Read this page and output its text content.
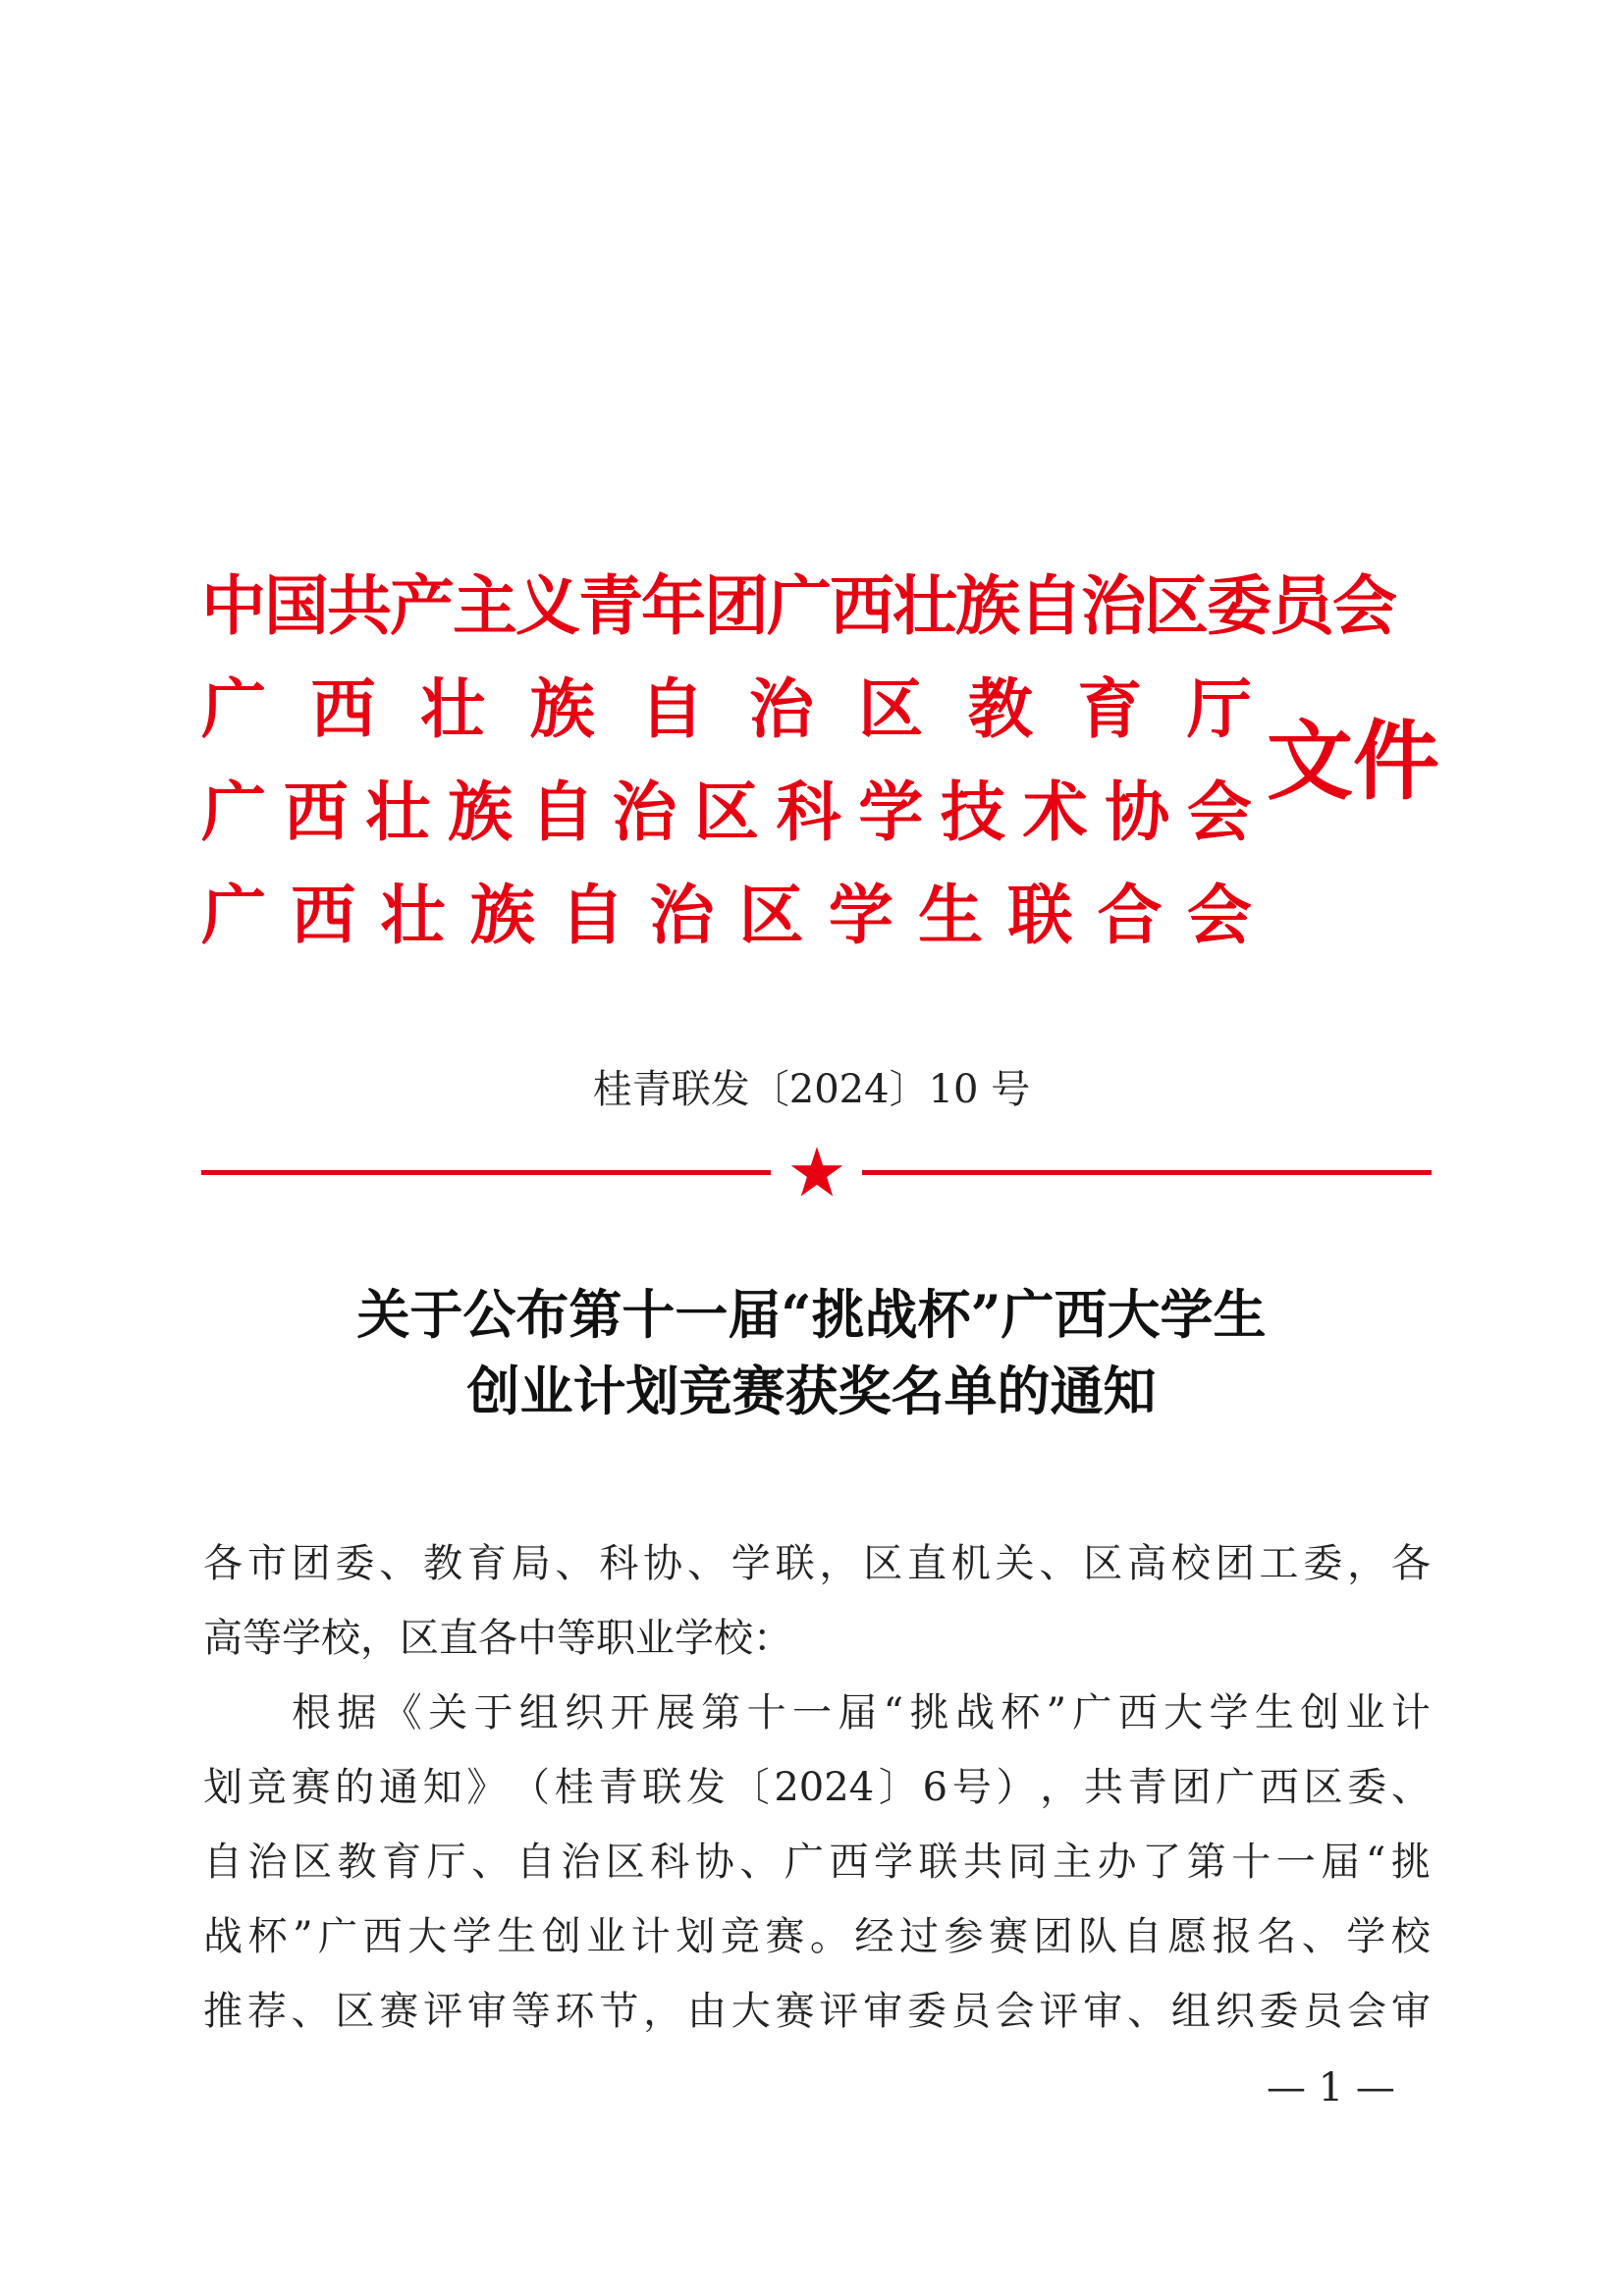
中 国 共 产 主 义 青 年 团 广 西 壮 族 自 治 区 委 员 会
广 西 壮 族 自 治 区 教 育 厅
广 西 壮 族 自 治 区 科 学 技 术 协 会
广 西 壮 族 自 治 区 学 生 联 合 会
文件
桂青联发〔2024〕10 号
关于公布第十一届“挑战杯”广西大学生
创业计划竞赛获奖名单的通知
各 市 团 委 、 教 育 局 、 科 协 、 学 联 ， 区 直 机 关 、 区 高 校 团 工 委 ， 各
高等学校，区直各中等职业学校：
根 据 《 关 于 组 织 开 展 第 十 一 届 “ 挑 战 杯 ” 广 西 大 学 生 创 业 计
划 竞 赛 的 通 知 》 （ 桂 青 联 发 〔 2024 〕 6 号 ） ， 共 青 团 广 西 区 委 、
自 治 区 教 育 厅 、 自 治 区 科 协 、 广 西 学 联 共 同 主 办 了 第 十 一 届 “ 挑
战 杯 ” 广 西 大 学 生 创 业 计 划 竞 赛 。 经 过 参 赛 团 队 自 愿 报 名 、 学 校
推 荐 、 区 赛 评 审 等 环 节 ， 由 大 赛 评 审 委 员 会 评 审 、 组 织 委 员 会 审
— 1 —
